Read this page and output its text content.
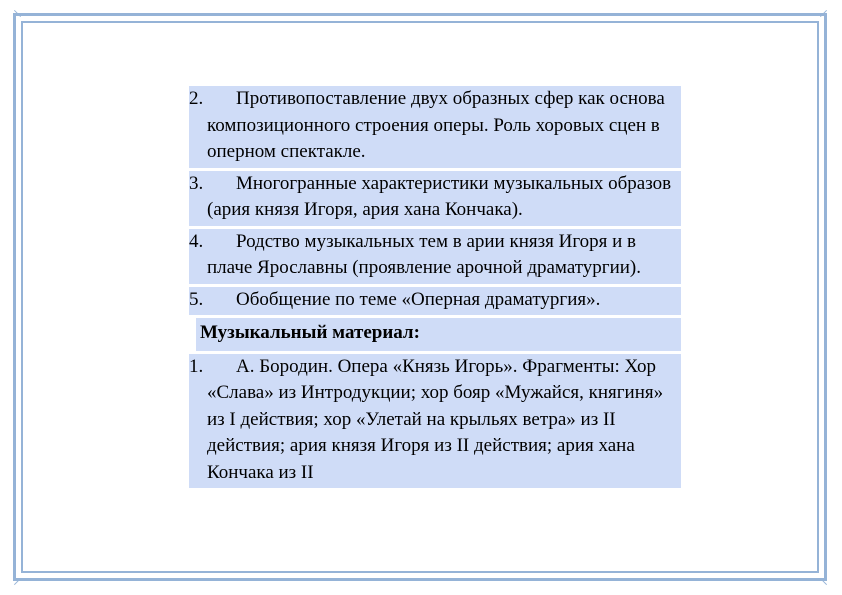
2.	Противопоставление двух образных сфер как основа композиционного строения оперы. Роль хоровых сцен в оперном спектакле.
3.	Многогранные характеристики музыкальных образов (ария князя Игоря, ария хана Кончака).
4.	Родство музыкальных тем в арии князя Игоря и в плаче Ярославны (проявление арочной драматургии).
5.	Обобщение по теме «Оперная драматургия».
Музыкальный материал:
1.	А. Бородин. Опера «Князь Игорь». Фрагменты: Хор «Слава» из Интродукции; хор бояр «Мужайся, княгиня» из I действия; хор «Улетай на крыльях ветра» из II действия; ария князя Игоря из II действия; ария хана Кончака из II
